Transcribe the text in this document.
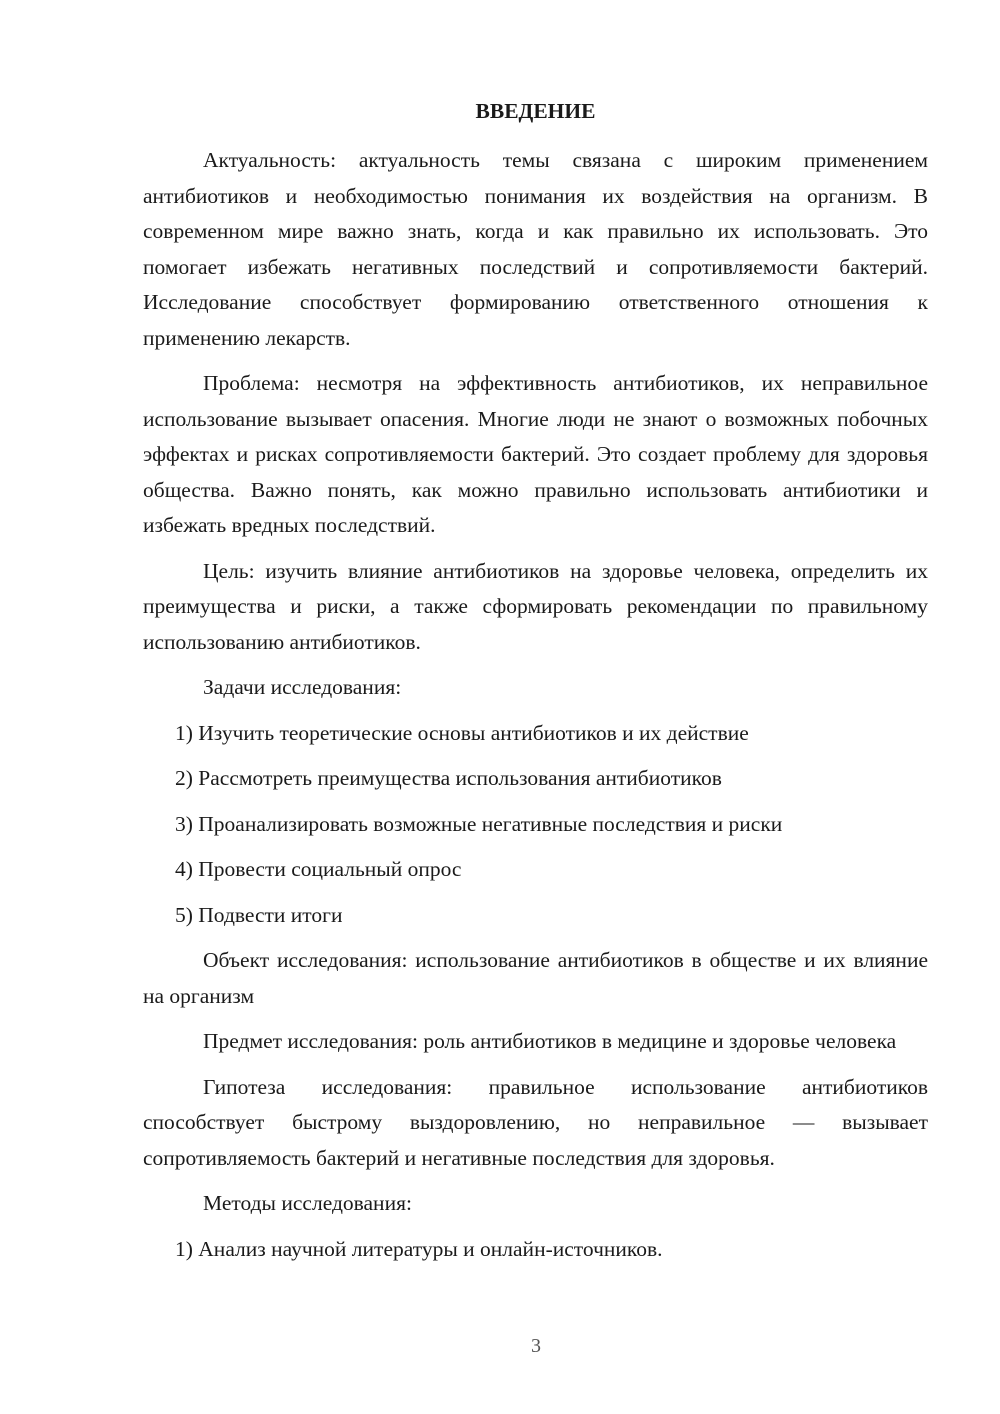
ВВЕДЕНИЕ
Актуальность: актуальность темы связана с широким применением антибиотиков и необходимостью понимания их воздействия на организм. В современном мире важно знать, когда и как правильно их использовать. Это помогает избежать негативных последствий и сопротивляемости бактерий. Исследование способствует формированию ответственного отношения к применению лекарств.
Проблема: несмотря на эффективность антибиотиков, их неправильное использование вызывает опасения. Многие люди не знают о возможных побочных эффектах и рисках сопротивляемости бактерий. Это создает проблему для здоровья общества. Важно понять, как можно правильно использовать антибиотики и избежать вредных последствий.
Цель: изучить влияние антибиотиков на здоровье человека, определить их преимущества и риски, а также сформировать рекомендации по правильному использованию антибиотиков.
Задачи исследования:
1) Изучить теоретические основы антибиотиков и их действие
2) Рассмотреть преимущества использования антибиотиков
3) Проанализировать возможные негативные последствия и риски
4) Провести социальный опрос
5) Подвести итоги
Объект исследования: использование антибиотиков в обществе и их влияние на организм
Предмет исследования: роль антибиотиков в медицине и здоровье человека
Гипотеза исследования: правильное использование антибиотиков способствует быстрому выздоровлению, но неправильное — вызывает сопротивляемость бактерий и негативные последствия для здоровья.
Методы исследования:
1) Анализ научной литературы и онлайн-источников.
3
